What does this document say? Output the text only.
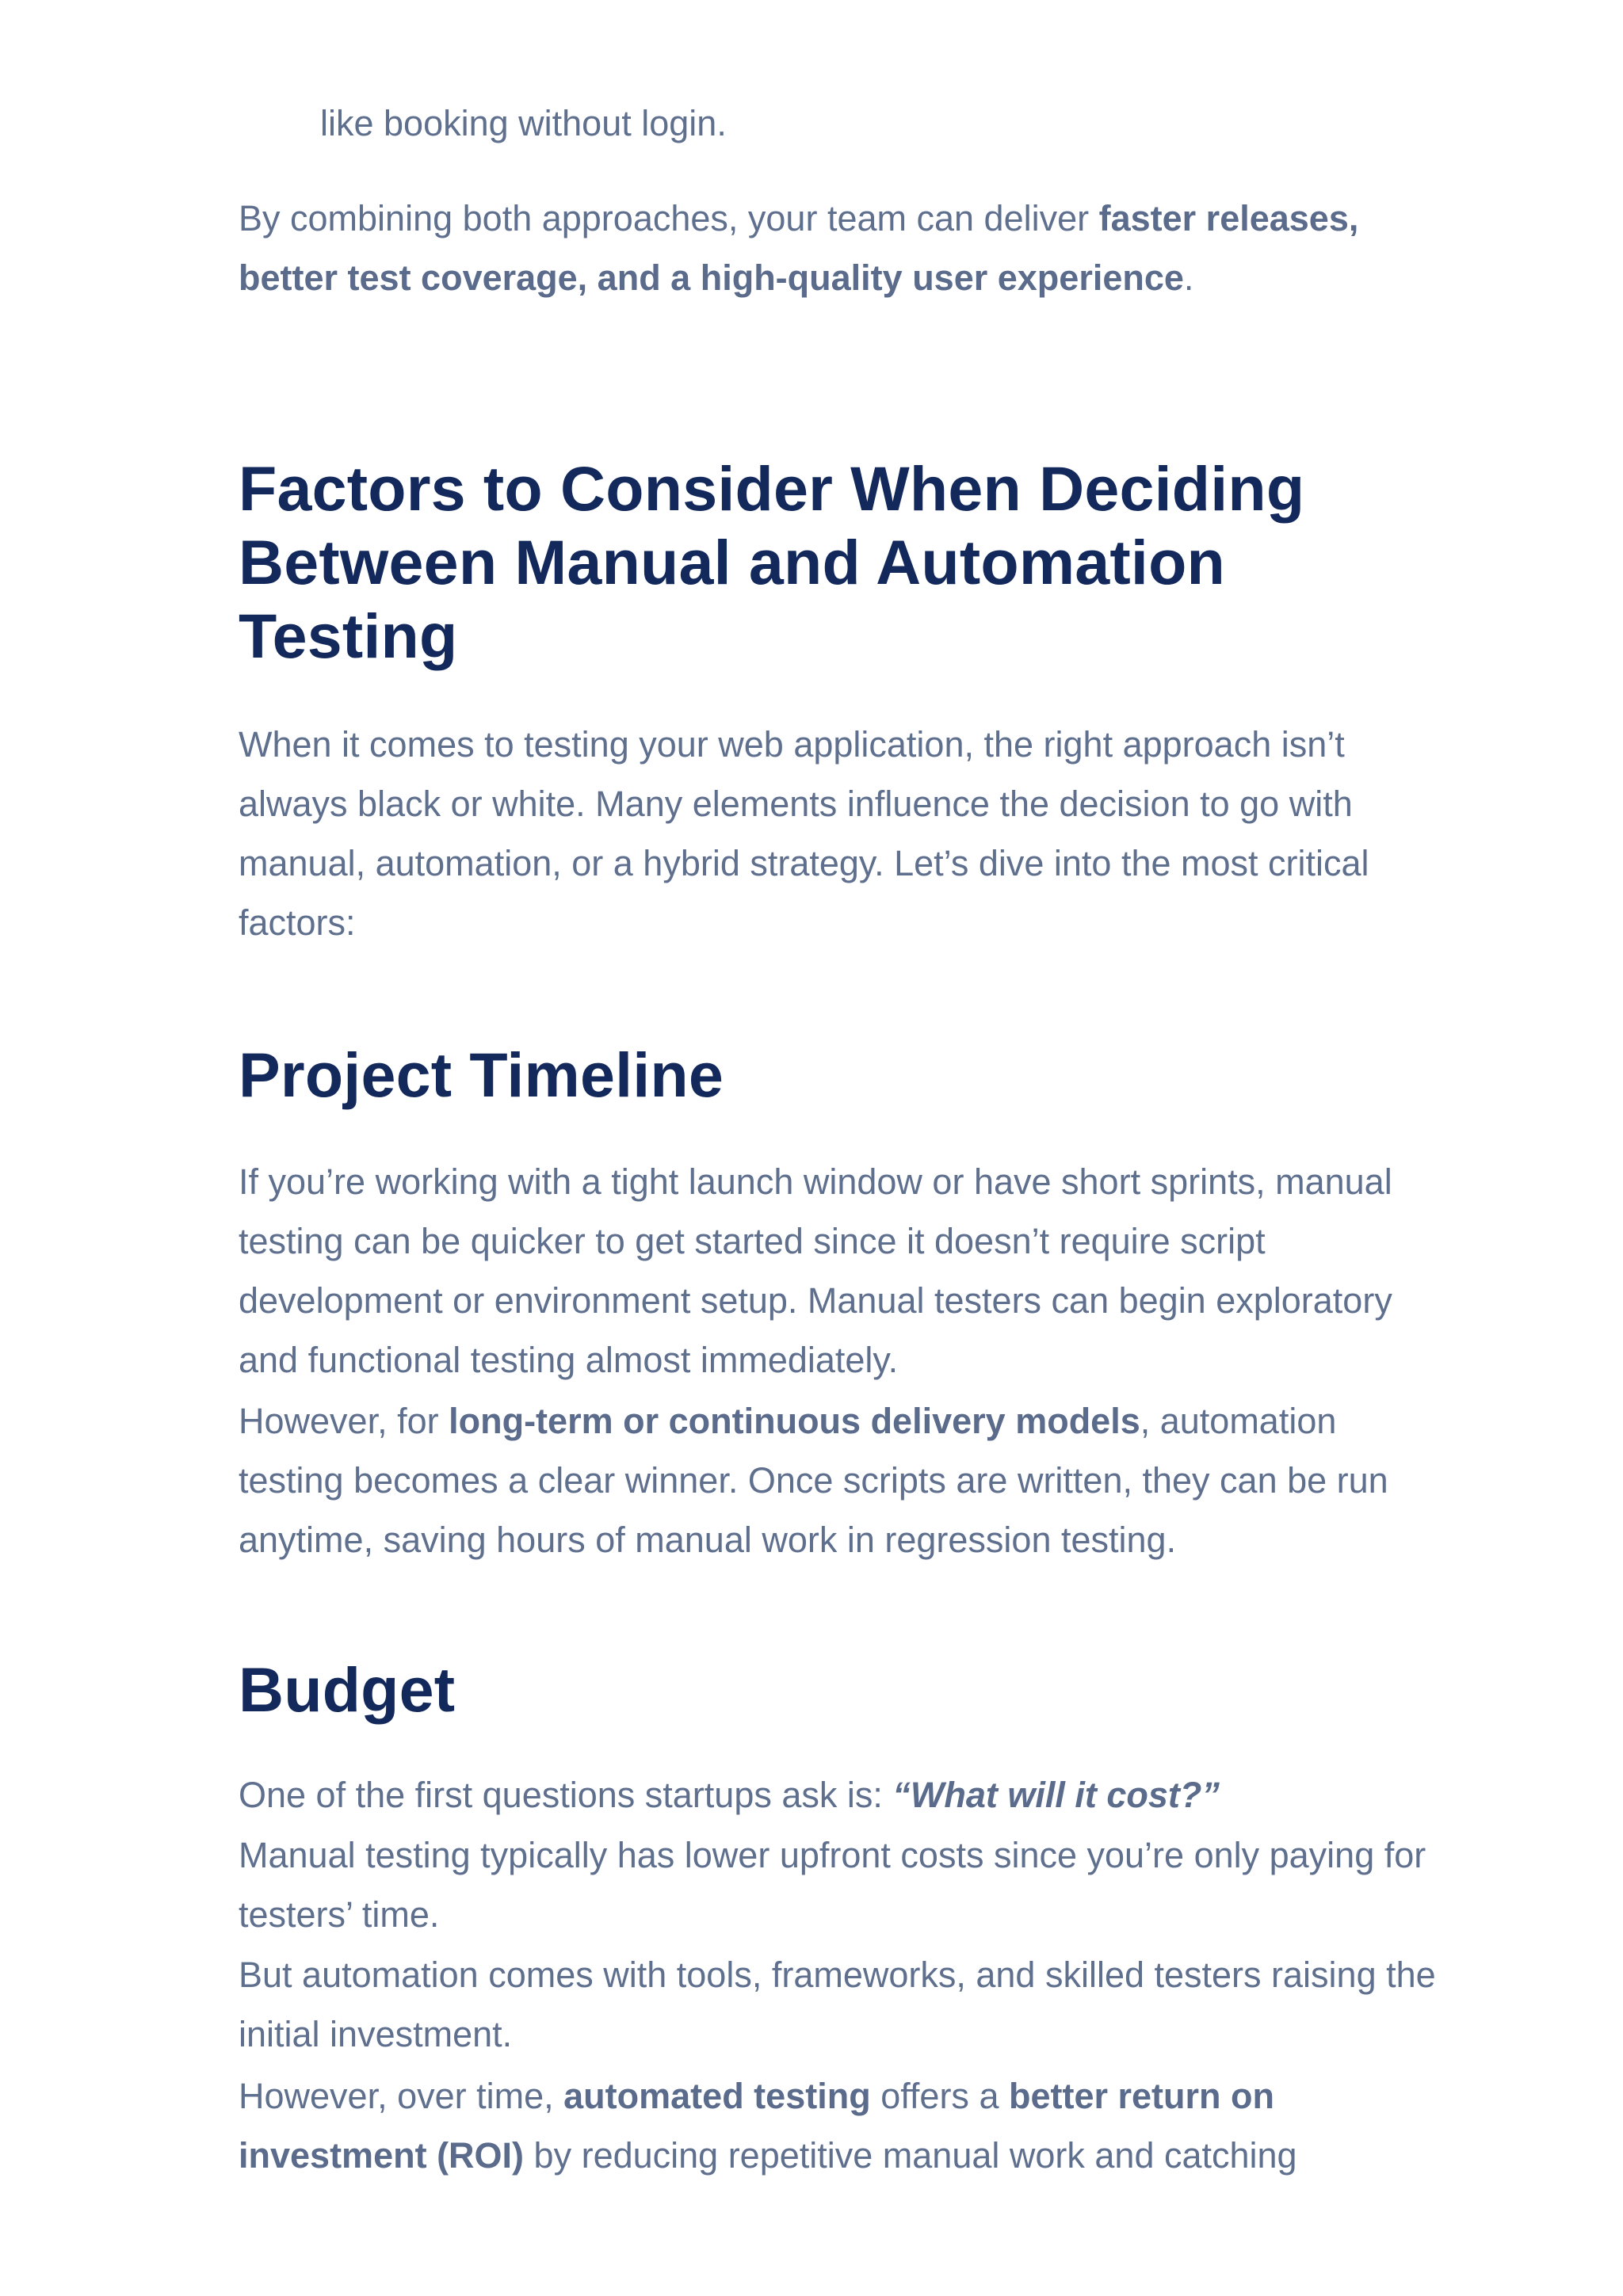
like booking without login.

By combining both approaches, your team can deliver faster releases, better test coverage, and a high-quality user experience.

Factors to Consider When Deciding Between Manual and Automation Testing

When it comes to testing your web application, the right approach isn’t always black or white. Many elements influence the decision to go with manual, automation, or a hybrid strategy. Let’s dive into the most critical factors:

Project Timeline

If you’re working with a tight launch window or have short sprints, manual testing can be quicker to get started since it doesn’t require script development or environment setup. Manual testers can begin exploratory and functional testing almost immediately.

However, for long-term or continuous delivery models, automation testing becomes a clear winner. Once scripts are written, they can be run anytime, saving hours of manual work in regression testing.

Budget

One of the first questions startups ask is: “What will it cost?”

Manual testing typically has lower upfront costs since you’re only paying for testers’ time.

But automation comes with tools, frameworks, and skilled testers raising the initial investment.

However, over time, automated testing offers a better return on investment (ROI) by reducing repetitive manual work and catching
